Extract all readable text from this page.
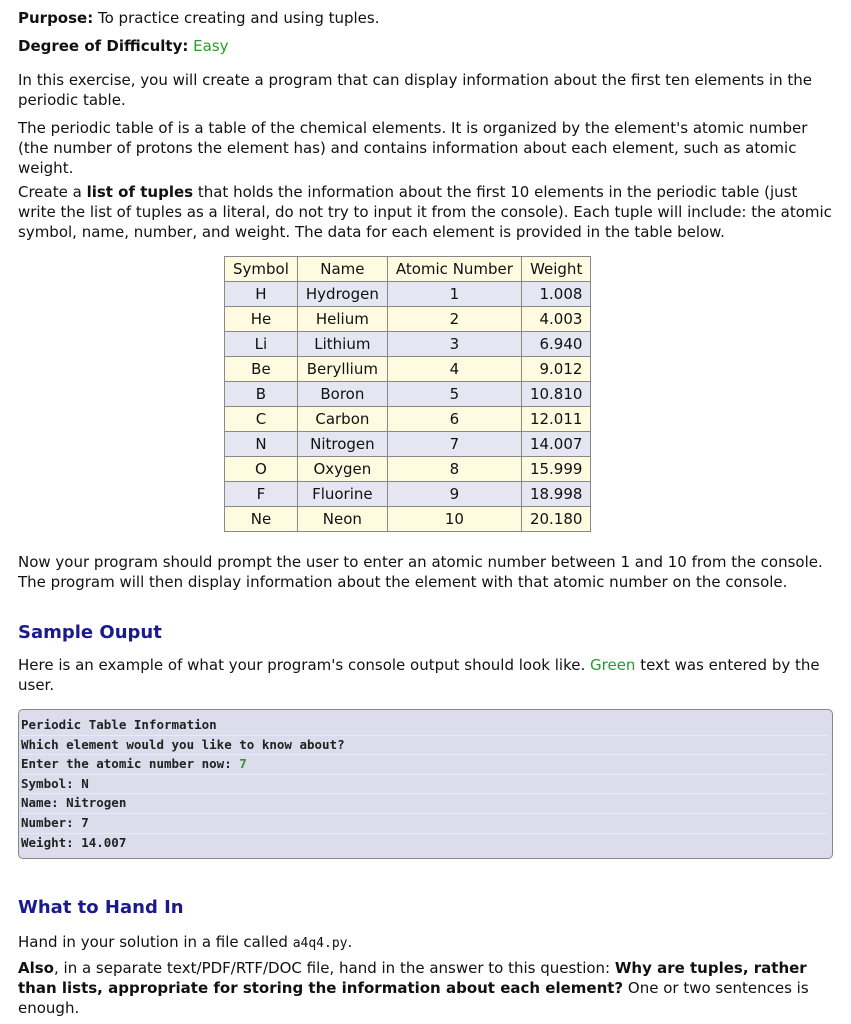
Purpose: To practice creating and using tuples.

Degree of Difficulty: Easy

In this exercise, you will create a program that can display information about the first ten elements in the periodic table.

The periodic table of is a table of the chemical elements. It is organized by the element's atomic number (the number of protons the element has) and contains information about each element, such as atomic weight.

Create a list of tuples that holds the information about the first 10 elements in the periodic table (just write the list of tuples as a literal, do not try to input it from the console). Each tuple will include: the atomic symbol, name, number, and weight. The data for each element is provided in the table below.

Symbol	Name	Atomic Number	Weight
H	Hydrogen	1	1.008
He	Helium	2	4.003
Li	Lithium	3	6.940
Be	Beryllium	4	9.012
B	Boron	5	10.810
C	Carbon	6	12.011
N	Nitrogen	7	14.007
O	Oxygen	8	15.999
F	Fluorine	9	18.998
Ne	Neon	10	20.180

Now your program should prompt the user to enter an atomic number between 1 and 10 from the console. The program will then display information about the element with that atomic number on the console.

Sample Ouput

Here is an example of what your program's console output should look like. Green text was entered by the user.

Periodic Table Information
Which element would you like to know about?
Enter the atomic number now: 7
Symbol: N
Name: Nitrogen
Number: 7
Weight: 14.007
What to Hand In

Hand in your solution in a file called a4q4.py.

Also, in a separate text/PDF/RTF/DOC file, hand in the answer to this question: Why are tuples, rather than lists, appropriate for storing the information about each element? One or two sentences is enough.
